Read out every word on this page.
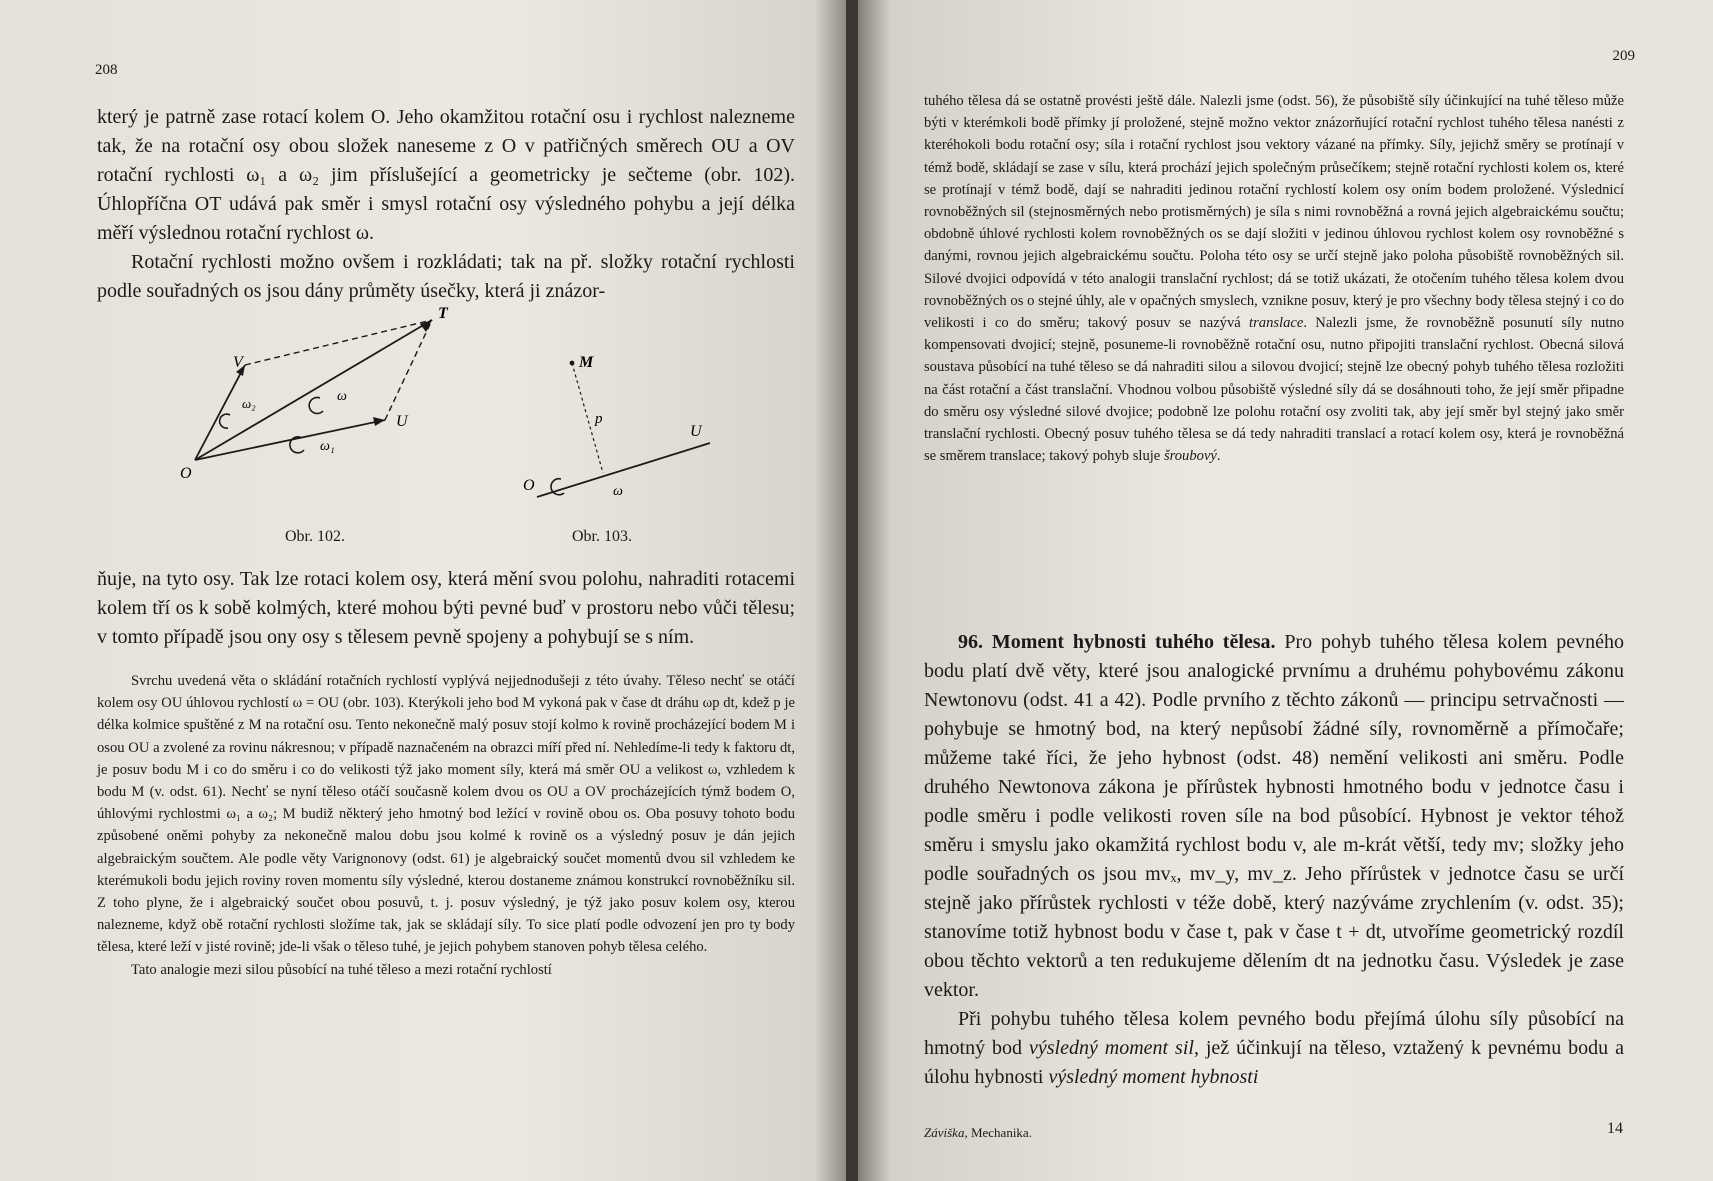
208
209

který je patrně zase rotací kolem O. Jeho okamžitou rotační osu i rychlost nalezneme tak, že na rotační osy obou složek naneseme z O v patřičných směrech OU a OV rotační rychlosti ω₁ a ω₂ jim příslušející a geometricky je sečteme (obr. 102). Úhlopříčna OT udává pak směr i smysl rotační osy výsledného pohybu a její délka měří výslednou rotační rychlost ω.

Rotační rychlosti možno ovšem i rozkládati; tak na př. složky rotační rychlosti podle souřadných os jsou dány průměty úsečky, která ji znázor-

O
U
V
T
ω
ω₁
ω₂
Obr. 102.
O
U
M
p
ω
Obr. 103.

ňuje, na tyto osy. Tak lze rotaci kolem osy, která mění svou polohu, nahraditi rotacemi kolem tří os k sobě kolmých, které mohou býti pevné buď v prostoru nebo vůči tělesu; v tomto případě jsou ony osy s tělesem pevně spojeny a pohybují se s ním.

Svrchu uvedená věta o skládání rotačních rychlostí vyplývá nejjednodušeji z této úvahy. Těleso nechť se otáčí kolem osy OU úhlovou rychlostí ω = OU (obr. 103). Kterýkoli jeho bod M vykoná pak v čase dt dráhu ωp dt, kdež p je délka kolmice spuštěné z M na rotační osu. Tento nekonečně malý posuv stojí kolmo k rovině procházející bodem M i osou OU a zvolené za rovinu nákresnou; v případě naznačeném na obrazci míří před ní. Nehledíme-li tedy k faktoru dt, je posuv bodu M i co do směru i co do velikosti týž jako moment síly, která má směr OU a velikost ω, vzhledem k bodu M (v. odst. 61). Nechť se nyní těleso otáčí současně kolem dvou os OU a OV procházejících týmž bodem O, úhlovými rychlostmi ω₁ a ω₂; M budiž některý jeho hmotný bod ležící v rovině obou os. Oba posuvy tohoto bodu způsobené oněmi pohyby za nekonečně malou dobu jsou kolmé k rovině os a výsledný posuv je dán jejich algebraickým součtem. Ale podle věty Varignonovy (odst. 61) je algebraický součet momentů dvou sil vzhledem ke kterémukoli bodu jejich roviny roven momentu síly výsledné, kterou dostaneme známou konstrukcí rovnoběžníku sil. Z toho plyne, že i algebraický součet obou posuvů, t. j. posuv výsledný, je týž jako posuv kolem osy, kterou nalezneme, když obě rotační rychlosti složíme tak, jak se skládají síly. To sice platí podle odvození jen pro ty body tělesa, které leží v jisté rovině; jde-li však o těleso tuhé, je jejich pohybem stanoven pohyb tělesa celého.

Tato analogie mezi silou působící na tuhé těleso a mezi rotační rychlostí

tuhého tělesa dá se ostatně provésti ještě dále. Nalezli jsme (odst. 56), že působiště síly účinkující na tuhé těleso může býti v kterémkoli bodě přímky jí proložené, stejně možno vektor znázorňující rotační rychlost tuhého tělesa nanésti z kteréhokoli bodu rotační osy; síla i rotační rychlost jsou vektory vázané na přímky. Síly, jejichž směry se protínají v témž bodě, skládají se zase v sílu, která prochází jejich společným průsečíkem; stejně rotační rychlosti kolem os, které se protínají v témž bodě, dají se nahraditi jedinou rotační rychlostí kolem osy oním bodem proložené. Výslednicí rovnoběžných sil (stejnosměrných nebo protisměrných) je síla s nimi rovnoběžná a rovná jejich algebraickému součtu; obdobně úhlové rychlosti kolem rovnoběžných os se dají složiti v jedinou úhlovou rychlost kolem osy rovnoběžné s danými, rovnou jejich algebraickému součtu. Poloha této osy se určí stejně jako poloha působiště rovnoběžných sil. Silové dvojici odpovídá v této analogii translační rychlost; dá se totiž ukázati, že otočením tuhého tělesa kolem dvou rovnoběžných os o stejné úhly, ale v opačných smyslech, vznikne posuv, který je pro všechny body tělesa stejný i co do velikosti i co do směru; takový posuv se nazývá translace. Nalezli jsme, že rovnoběžně posunutí síly nutno kompensovati dvojicí; stejně, posuneme-li rovnoběžně rotační osu, nutno připojiti translační rychlost. Obecná silová soustava působící na tuhé těleso se dá nahraditi silou a silovou dvojicí; stejně lze obecný pohyb tuhého tělesa rozložiti na část rotační a část translační. Vhodnou volbou působiště výsledné síly dá se dosáhnouti toho, že její směr připadne do směru osy výsledné silové dvojice; podobně lze polohu rotační osy zvoliti tak, aby její směr byl stejný jako směr translační rychlosti. Obecný posuv tuhého tělesa se dá tedy nahraditi translací a rotací kolem osy, která je rovnoběžná se směrem translace; takový pohyb sluje šroubový.

96. Moment hybnosti tuhého tělesa. Pro pohyb tuhého tělesa kolem pevného bodu platí dvě věty, které jsou analogické prvnímu a druhému pohybovému zákonu Newtonovu (odst. 41 a 42). Podle prvního z těchto zákonů — principu setrvačnosti — pohybuje se hmotný bod, na který nepůsobí žádné síly, rovnoměrně a přímočaře; můžeme také říci, že jeho hybnost (odst. 48) nemění velikosti ani směru. Podle druhého Newtonova zákona je přírůstek hybnosti hmotného bodu v jednotce času i podle směru i podle velikosti roven síle na bod působící. Hybnost je vektor téhož směru i smyslu jako okamžitá rychlost bodu v, ale m-krát větší, tedy mv; složky jeho podle souřadných os jsou mvₓ, mv_y, mv_z. Jeho přírůstek v jednotce času se určí stejně jako přírůstek rychlosti v téže době, který nazýváme zrychlením (v. odst. 35); stanovíme totiž hybnost bodu v čase t, pak v čase t + dt, utvoříme geometrický rozdíl obou těchto vektorů a ten redukujeme dělením dt na jednotku času. Výsledek je zase vektor.

Při pohybu tuhého tělesa kolem pevného bodu přejímá úlohu síly působící na hmotný bod výsledný moment sil, jež účinkují na těleso, vztažený k pevnému bodu a úlohu hybnosti výsledný moment hybnosti

Záviška, Mechanika.	14
